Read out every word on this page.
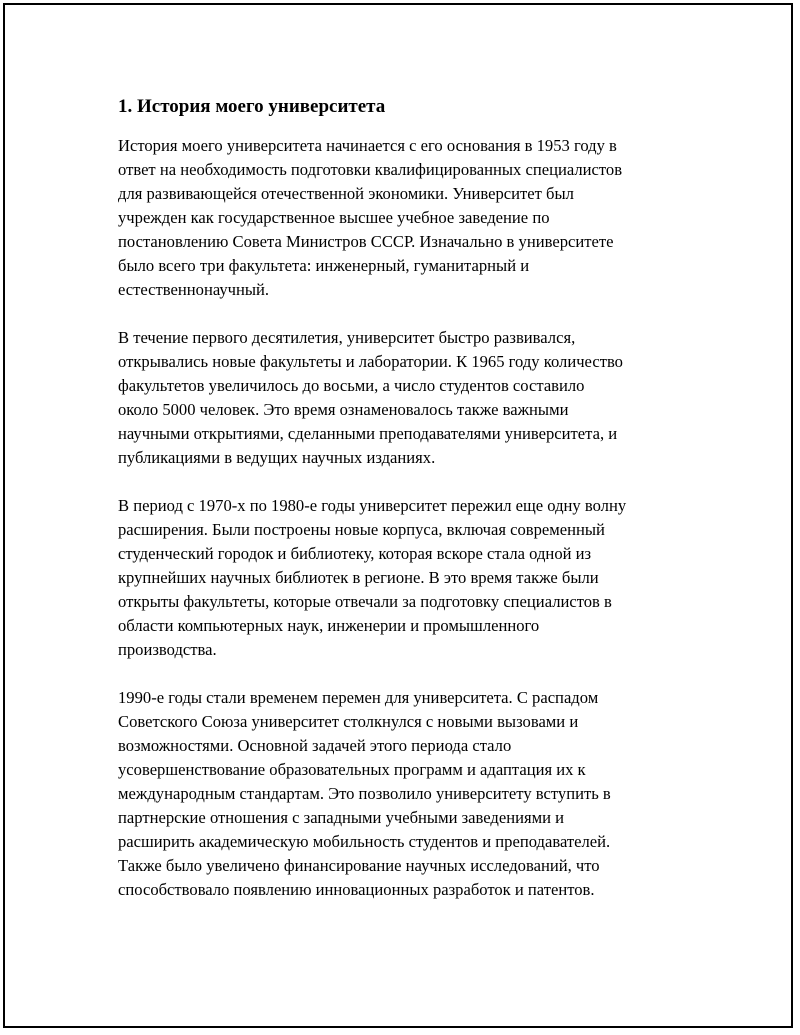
1. История моего университета

История моего университета начинается с его основания в 1953 году в
ответ на необходимость подготовки квалифицированных специалистов
для развивающейся отечественной экономики. Университет был
учрежден как государственное высшее учебное заведение по
постановлению Совета Министров СССР. Изначально в университете
было всего три факультета: инженерный, гуманитарный и
естественнонаучный.

В течение первого десятилетия, университет быстро развивался,
открывались новые факультеты и лаборатории. К 1965 году количество
факультетов увеличилось до восьми, а число студентов составило
около 5000 человек. Это время ознаменовалось также важными
научными открытиями, сделанными преподавателями университета, и
публикациями в ведущих научных изданиях.

В период с 1970-х по 1980-е годы университет пережил еще одну волну
расширения. Были построены новые корпуса, включая современный
студенческий городок и библиотеку, которая вскоре стала одной из
крупнейших научных библиотек в регионе. В это время также были
открыты факультеты, которые отвечали за подготовку специалистов в
области компьютерных наук, инженерии и промышленного
производства.

1990-е годы стали временем перемен для университета. С распадом
Советского Союза университет столкнулся с новыми вызовами и
возможностями. Основной задачей этого периода стало
усовершенствование образовательных программ и адаптация их к
международным стандартам. Это позволило университету вступить в
партнерские отношения с западными учебными заведениями и
расширить академическую мобильность студентов и преподавателей.
Также было увеличено финансирование научных исследований, что
способствовало появлению инновационных разработок и патентов.
